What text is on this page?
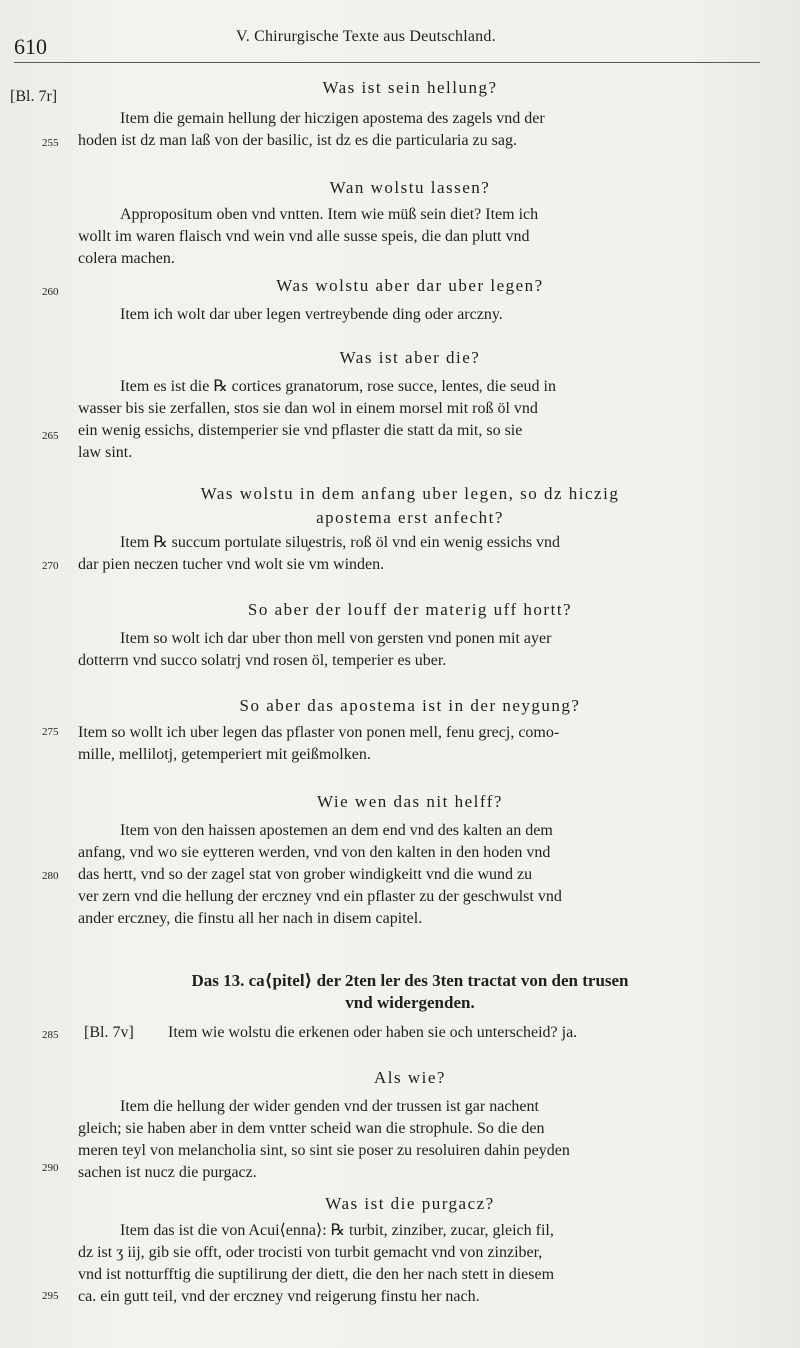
610	V. Chirurgische Texte aus Deutschland.
[Bl. 7r]	Was ist sein hellung?
Item die gemain hellung der hiczigen apostema des zagels vnd der
hoden ist dz man laß von der basilic, ist dz es die particularia zu sag.
255
Wan wolstu lassen?
Appropositum oben vnd vntten. Item wie müß sein diet? Item ich
wollt im waren flaisch vnd wein vnd alle susse speis, die dan plutt vnd
colera machen.
Was wolstu aber dar uber legen?
260
Item ich wolt dar uber legen vertreybende ding oder arczny.
Was ist aber die?
Item es ist die ℞ cortices granatorum, rose succe, lentes, die seud in
wasser bis sie zerfallen, stos sie dan wol in einem morsel mit roß öl vnd
ein wenig essichs, distemperier sie vnd pflaster die statt da mit, so sie
law sint.
265
Was wolstu in dem anfang uber legen, so dz hiczig
apostema erst anfecht?
Item ℞ succum portulate silu̧estris, roß öl vnd ein wenig essichs vnd
dar pien neczen tucher vnd wolt sie vm winden.
270
So aber der louff der materig uff hortt?
Item so wolt ich dar uber thon mell von gersten vnd ponen mit ayer
dotterrn vnd succo solatrj vnd rosen öl, temperier es uber.
So aber das apostema ist in der neygung?
275	Item so wollt ich uber legen das pflaster von ponen mell, fenu grecj, como-
mille, mellilotj, getemperiert mit geißmolken.
Wie wen das nit helff?
Item von den haissen apostemen an dem end vnd des kalten an dem
anfang, vnd wo sie eytteren werden, vnd von den kalten in den hoden vnd
das hertt, vnd so der zagel stat von grober windigkeitt vnd die wund zu
ver zern vnd die hellung der erczney vnd ein pflaster zu der geschwulst vnd
ander erczney, die finstu all her nach in disem capitel.
280
Das 13. ca⟨pitel⟩ der 2ten ler des 3ten tractat von den trusen
vnd widergenden.
285	[Bl. 7v] Item wie wolstu die erkenen oder haben sie och unterscheid? ja.
Als wie?
Item die hellung der wider genden vnd der trussen ist gar nachent
gleich; sie haben aber in dem vntter scheid wan die strophule. So die den
meren teyl von melancholia sint, so sint sie poser zu resoluiren dahin peyden
sachen ist nucz die purgacz.
290
Was ist die purgacz?
Item das ist die von Acui⟨enna⟩: ℞ turbit, zinziber, zucar, gleich fil,
dz ist ʒ iij, gib sie offt, oder trocisti von turbit gemacht vnd von zinziber,
vnd ist notturfftig die suptilirung der diett, die den her nach stett in diesem
ca. ein gutt teil, vnd der erczney vnd reigerung finstu her nach.
295
